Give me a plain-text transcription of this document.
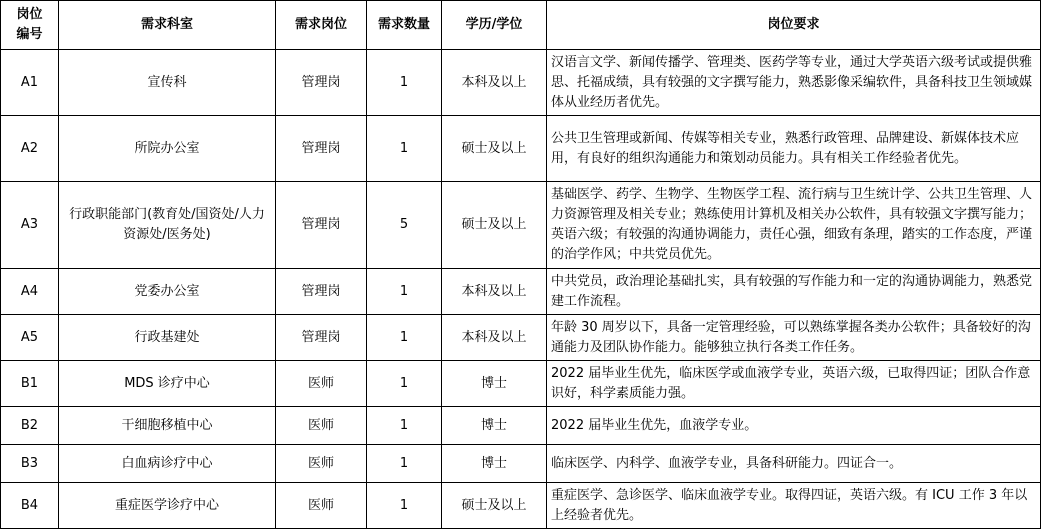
岗位
编号	需求科室	需求岗位	需求数量	学历/学位	岗位要求
A1	宣传科	管理岗	1	本科及以上	汉语言文学、新闻传播学、管理类、医药学等专业，通过大学英语六级考试或提供雅思、托福成绩，具有较强的文字撰写能力，熟悉影像采编软件，具备科技卫生领域媒体从业经历者优先。
A2	所院办公室	管理岗	1	硕士及以上	公共卫生管理或新闻、传媒等相关专业，熟悉行政管理、品牌建设、新媒体技术应用，有良好的组织沟通能力和策划动员能力。具有相关工作经验者优先。
A3	行政职能部门(教育处/国资处/人力资源处/医务处)	管理岗	5	硕士及以上	基础医学、药学、生物学、生物医学工程、流行病与卫生统计学、公共卫生管理、人力资源管理及相关专业；熟练使用计算机及相关办公软件，具有较强文字撰写能力；英语六级；有较强的沟通协调能力，责任心强，细致有条理，踏实的工作态度，严谨的治学作风；中共党员优先。
A4	党委办公室	管理岗	1	本科及以上	中共党员，政治理论基础扎实，具有较强的写作能力和一定的沟通协调能力，熟悉党建工作流程。
A5	行政基建处	管理岗	1	本科及以上	年龄 30 周岁以下，具备一定管理经验，可以熟练掌握各类办公软件；具备较好的沟通能力及团队协作能力。能够独立执行各类工作任务。
B1	MDS 诊疗中心	医师	1	博士	2022 届毕业生优先，临床医学或血液学专业，英语六级，已取得四证；团队合作意识好，科学素质能力强。
B2	干细胞移植中心	医师	1	博士	2022 届毕业生优先，血液学专业。
B3	白血病诊疗中心	医师	1	博士	临床医学、内科学、血液学专业，具备科研能力。四证合一。
B4	重症医学诊疗中心	医师	1	硕士及以上	重症医学、急诊医学、临床血液学专业。取得四证，英语六级。有 ICU 工作 3 年以上经验者优先。
